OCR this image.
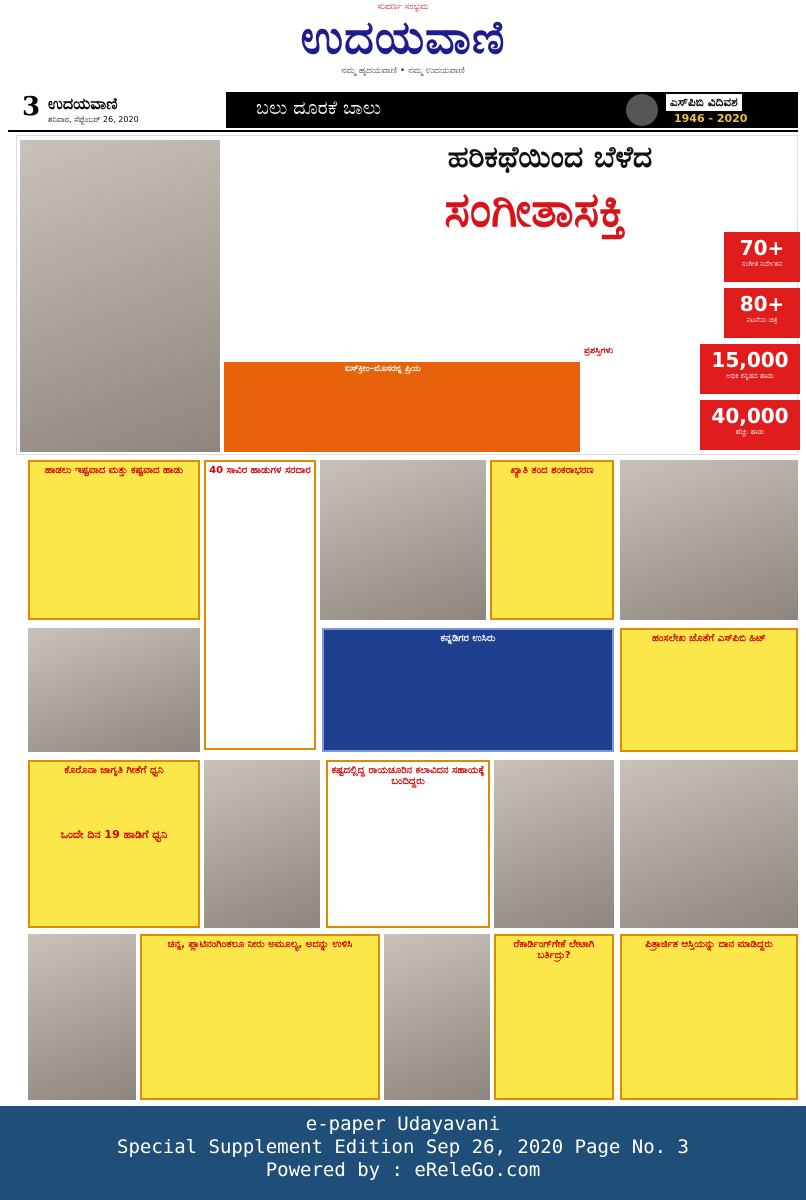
ಸುವರ್ಣ ಸಂಭ್ರಮ
ಉದಯವಾಣಿ
ನಮ್ಮ ಹೃದಯವಾಣಿ • ನಮ್ಮ ಉದಯವಾಣಿ
3 ಉದಯವಾಣಿ
ಶನಿವಾರ, ಸೆಪ್ಟೆಂಬರ್ 26, 2020
ಬಲು ದೂರಕೆ ಬಾಲು	ಎಸ್‌ಪಿಬಿ ವಿದಿವಶ
1946 - 2020
ಹರಿಕಥೆಯಿಂದ ಬೆಳೆದ
ಸಂಗೀತಾಸಕ್ತಿ
ಪ್ರಶಸ್ತಿಗಳು
ಐಸ್‌ಕ್ರೀಂ–ಮೊಸರನ್ನ ಪ್ರಿಯ
70+
ಸಂಗೀತ ನಿರ್ದೇಶನ
80+
ನಟನೆಯ ಚಿತ್ರ
15,000
ಅಧಿಕ ಕನ್ನಡದ ಹಾಡು
40,000
ಹೆಚ್ಚು ಹಾಡು
ಹಾಡಲು ಇಷ್ಟವಾದ ಮತ್ತು ಕಷ್ಟವಾದ ಹಾಡು	40 ಸಾವಿರ ಹಾಡುಗಳ ಸರದಾರ	ಖ್ಯಾತಿ ತಂದ ಶಂಕರಾಭರಣ
ಕನ್ನಡಿಗರ ಉಸಿರು	ಹಂಸಲೇಖ ಜೊತೆಗೆ ಎಸ್‌ಪಿಬಿ ಹಿಟ್
ಕೊರೊನಾ ಜಾಗೃತಿ ಗೀತೆಗೆ ಧ್ವನಿ
ಒಂದೇ ದಿನ 19 ಹಾಡಿಗೆ ಧ್ವನಿ
ಕಷ್ಟದಲ್ಲಿದ್ದ ರಾಯಚೂರಿನ ಕಲಾವಿದನ ಸಹಾಯಕ್ಕೆ ಬಂದಿದ್ದರು
ಚಿನ್ನ, ಪ್ಲಾಟಿನಂಗಿಂತಲೂ ನೀರು ಅಮೂಲ್ಯ, ಅದನ್ನು ಉಳಿಸಿ	ರೆಕಾರ್ಡಿಂಗ್‌ಗೇಕೆ ಲೇಟಾಗಿ ಬರ್ತಿದ್ರು?
ಪಿತ್ರಾರ್ಜಿತ ಆಸ್ತಿಯನ್ನು ದಾನ ಮಾಡಿದ್ದರು
e-paper Udayavani
Special Supplement Edition Sep 26, 2020 Page No. 3
Powered by : eReleGo.com
